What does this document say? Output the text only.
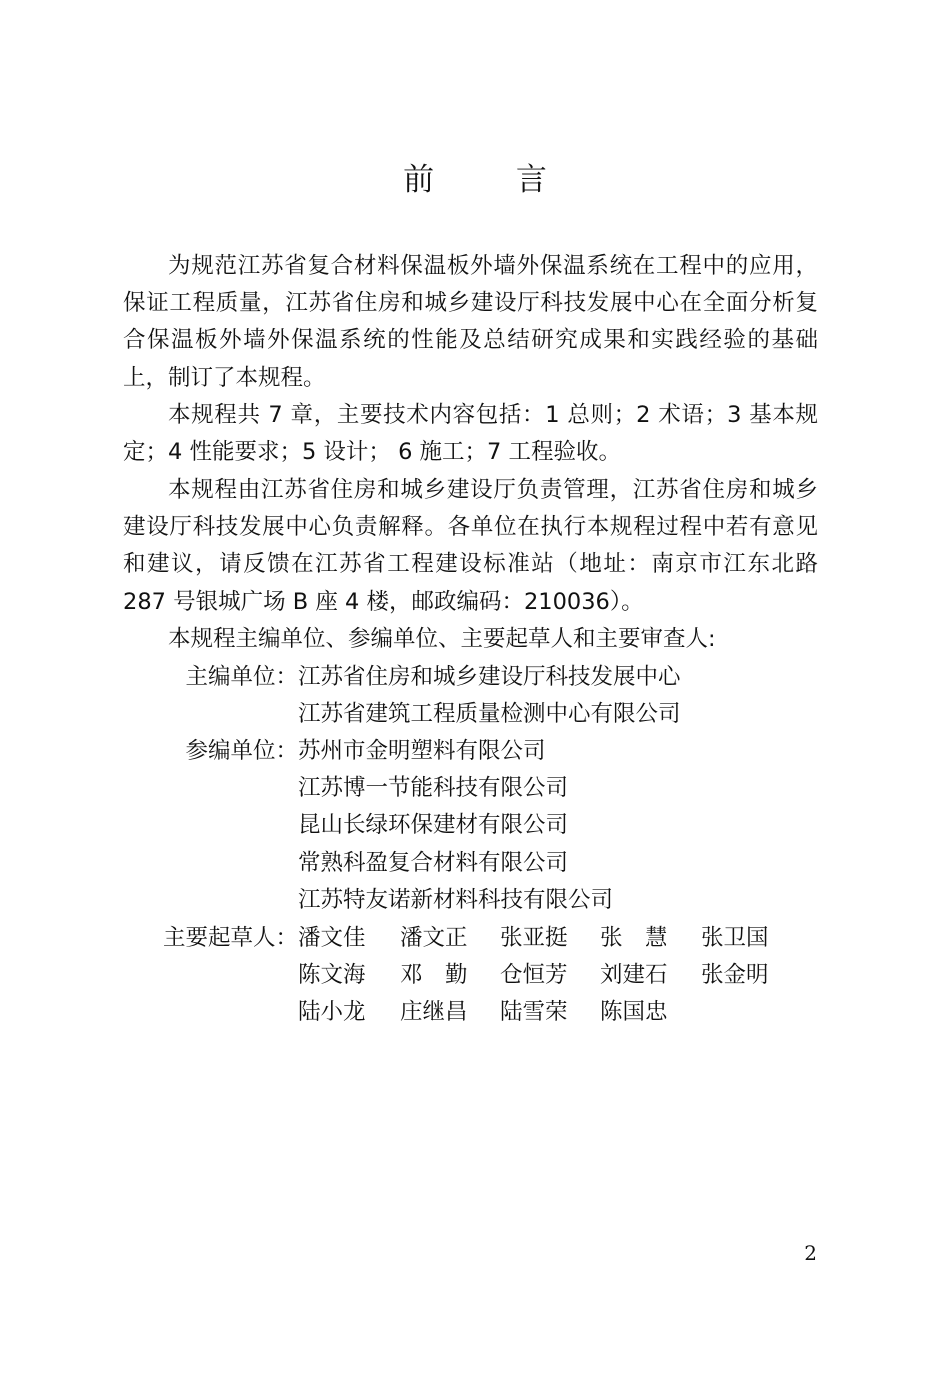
前 言

为规范江苏省复合材料保温板外墙外保温系统在工程中的应用，保证工程质量，江苏省住房和城乡建设厅科技发展中心在全面分析复合保温板外墙外保温系统的性能及总结研究成果和实践经验的基础上，制订了本规程。

本规程共 7 章，主要技术内容包括：1 总则；2 术语；3 基本规定；4 性能要求；5 设计； 6 施工；7 工程验收。

本规程由江苏省住房和城乡建设厅负责管理，江苏省住房和城乡建设厅科技发展中心负责解释。各单位在执行本规程过程中若有意见和建议，请反馈在江苏省工程建设标准站（地址：南京市江东北路 287 号银城广场 B 座 4 楼，邮政编码：210036）。

本规程主编单位、参编单位、主要起草人和主要审查人:

主编单位： 江苏省住房和城乡建设厅科技发展中心
江苏省建筑工程质量检测中心有限公司
参编单位： 苏州市金明塑料有限公司
江苏博一节能科技有限公司
昆山长绿环保建材有限公司
常熟科盈复合材料有限公司
江苏特友诺新材料科技有限公司
主要起草人： 潘文佳 潘文正 张亚挺 张　慧 张卫国
陈文海 邓　勤 仓恒芳 刘建石 张金明
陆小龙 庄继昌 陆雪荣 陈国忠
2
